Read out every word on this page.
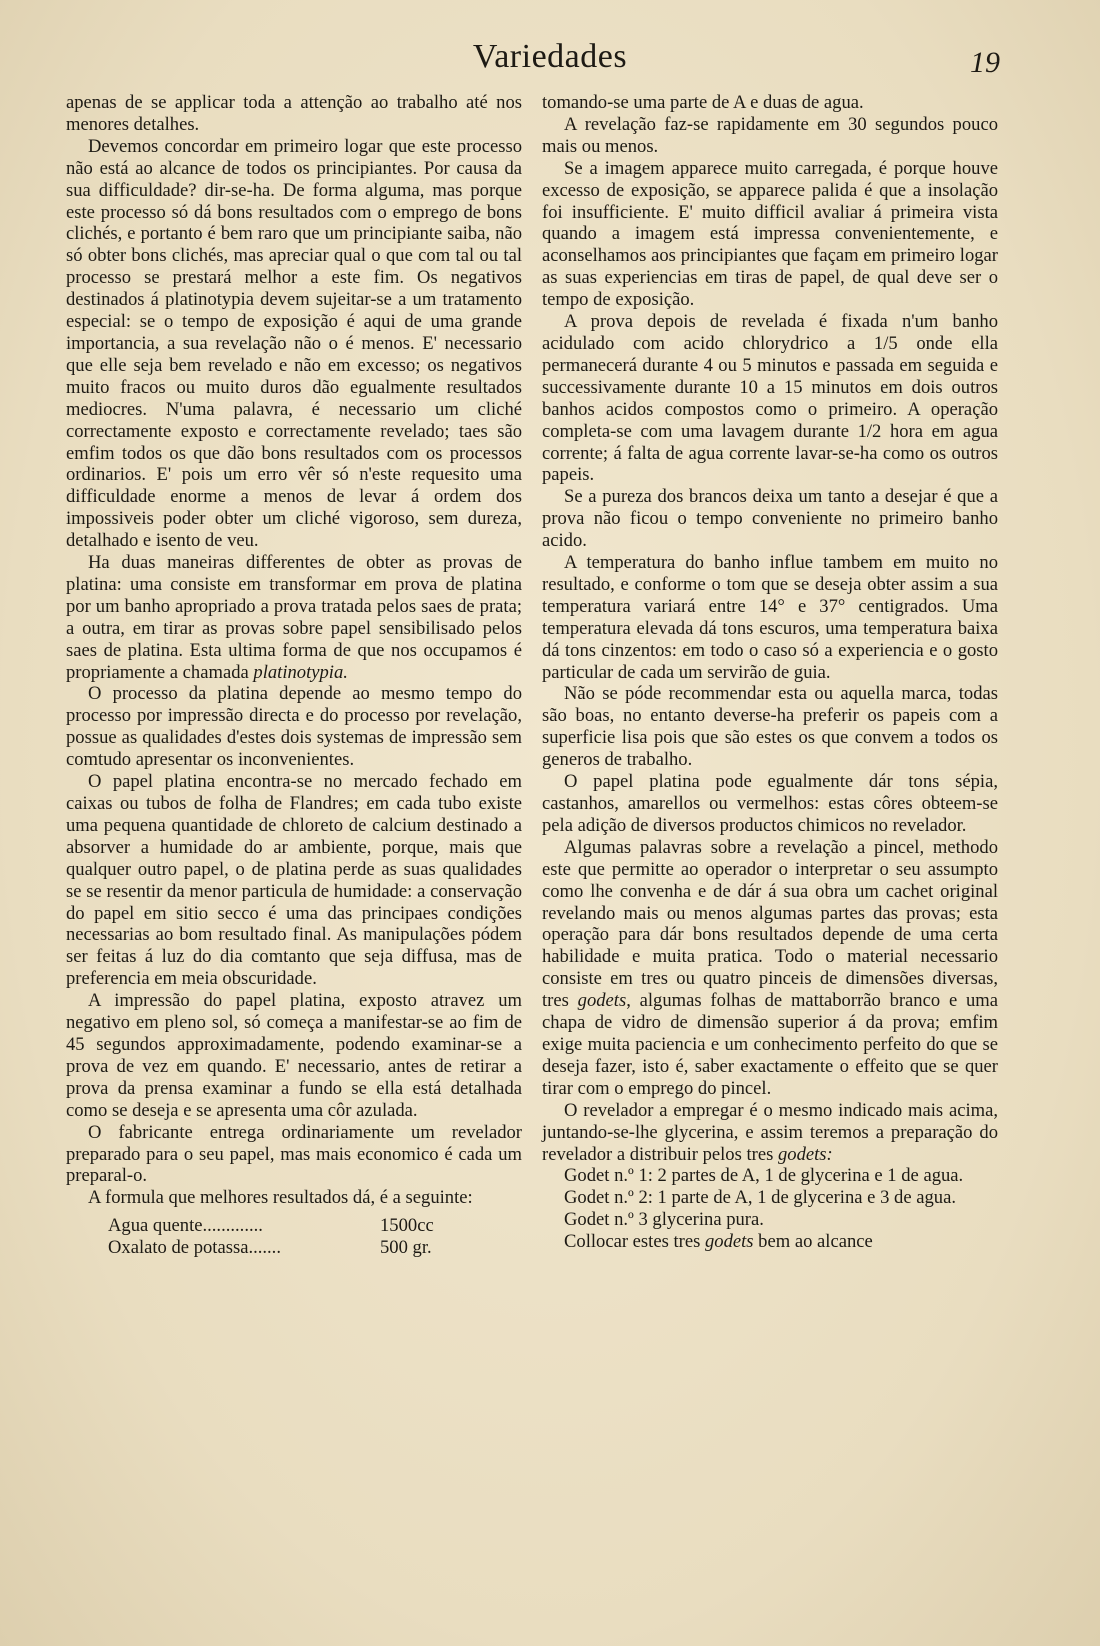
Variedades	19

apenas de se applicar toda a attenção ao trabalho até nos menores detalhes.

Devemos concordar em primeiro logar que este processo não está ao alcance de todos os principiantes. Por causa da sua difficuldade? dir-se-ha. De forma alguma, mas porque este processo só dá bons resultados com o emprego de bons clichés, e portanto é bem raro que um principiante saiba, não só obter bons clichés, mas apreciar qual o que com tal ou tal processo se prestará melhor a este fim. Os negativos destinados á platinotypia devem sujeitar-se a um tratamento especial: se o tempo de exposição é aqui de uma grande importancia, a sua revelação não o é menos. E' necessario que elle seja bem revelado e não em excesso; os negativos muito fracos ou muito duros dão egualmente resultados mediocres. N'uma palavra, é necessario um cliché correctamente exposto e correctamente revelado; taes são emfim todos os que dão bons resultados com os processos ordinarios. E' pois um erro vêr só n'este requesito uma difficuldade enorme a menos de levar á ordem dos impossiveis poder obter um cliché vigoroso, sem dureza, detalhado e isento de veu.

Ha duas maneiras differentes de obter as provas de platina: uma consiste em transformar em prova de platina por um banho apropriado a prova tratada pelos saes de prata; a outra, em tirar as provas sobre papel sensibilisado pelos saes de platina. Esta ultima forma de que nos occupamos é propriamente a chamada platinotypia.

O processo da platina depende ao mesmo tempo do processo por impressão directa e do processo por revelação, possue as qualidades d'estes dois systemas de impressão sem comtudo apresentar os inconvenientes.

O papel platina encontra-se no mercado fechado em caixas ou tubos de folha de Flandres; em cada tubo existe uma pequena quantidade de chloreto de calcium destinado a absorver a humidade do ar ambiente, porque, mais que qualquer outro papel, o de platina perde as suas qualidades se se resentir da menor particula de humidade: a conservação do papel em sitio secco é uma das principaes condições necessarias ao bom resultado final. As manipulações pódem ser feitas á luz do dia comtanto que seja diffusa, mas de preferencia em meia obscuridade.

A impressão do papel platina, exposto atravez um negativo em pleno sol, só começa a manifestar-se ao fim de 45 segundos approximadamente, podendo examinar-se a prova de vez em quando. E' necessario, antes de retirar a prova da prensa examinar a fundo se ella está detalhada como se deseja e se apresenta uma côr azulada.

O fabricante entrega ordinariamente um revelador preparado para o seu papel, mas mais economico é cada um preparal-o.

A formula que melhores resultados dá, é a seguinte:

Agua quente.............	1500cc
Oxalato de potassa.......	500 gr.

tomando-se uma parte de A e duas de agua.

A revelação faz-se rapidamente em 30 segundos pouco mais ou menos.

Se a imagem apparece muito carregada, é porque houve excesso de exposição, se apparece palida é que a insolação foi insufficiente. E' muito difficil avaliar á primeira vista quando a imagem está impressa convenientemente, e aconselhamos aos principiantes que façam em primeiro logar as suas experiencias em tiras de papel, de qual deve ser o tempo de exposição.

A prova depois de revelada é fixada n'um banho acidulado com acido chlorydrico a 1/5 onde ella permanecerá durante 4 ou 5 minutos e passada em seguida e successivamente durante 10 a 15 minutos em dois outros banhos acidos compostos como o primeiro. A operação completa-se com uma lavagem durante 1/2 hora em agua corrente; á falta de agua corrente lavar-se-ha como os outros papeis.

Se a pureza dos brancos deixa um tanto a desejar é que a prova não ficou o tempo conveniente no primeiro banho acido.

A temperatura do banho influe tambem em muito no resultado, e conforme o tom que se deseja obter assim a sua temperatura variará entre 14° e 37° centigrados. Uma temperatura elevada dá tons escuros, uma temperatura baixa dá tons cinzentos: em todo o caso só a experiencia e o gosto particular de cada um servirão de guia.

Não se póde recommendar esta ou aquella marca, todas são boas, no entanto deverse-ha preferir os papeis com a superficie lisa pois que são estes os que convem a todos os generos de trabalho.

O papel platina pode egualmente dár tons sépia, castanhos, amarellos ou vermelhos: estas côres obteem-se pela adição de diversos productos chimicos no revelador.

Algumas palavras sobre a revelação a pincel, methodo este que permitte ao operador o interpretar o seu assumpto como lhe convenha e de dár á sua obra um cachet original revelando mais ou menos algumas partes das provas; esta operação para dár bons resultados depende de uma certa habilidade e muita pratica. Todo o material necessario consiste em tres ou quatro pinceis de dimensões diversas, tres godets, algumas folhas de mattaborrão branco e uma chapa de vidro de dimensão superior á da prova; emfim exige muita paciencia e um conhecimento perfeito do que se deseja fazer, isto é, saber exactamente o effeito que se quer tirar com o emprego do pincel.

O revelador a empregar é o mesmo indicado mais acima, juntando-se-lhe glycerina, e assim teremos a preparação do revelador a distribuir pelos tres godets:

Godet n.º 1: 2 partes de A, 1 de glycerina e 1 de agua.

Godet n.º 2: 1 parte de A, 1 de glycerina e 3 de agua.

Godet n.º 3 glycerina pura.

Collocar estes tres godets bem ao alcance
